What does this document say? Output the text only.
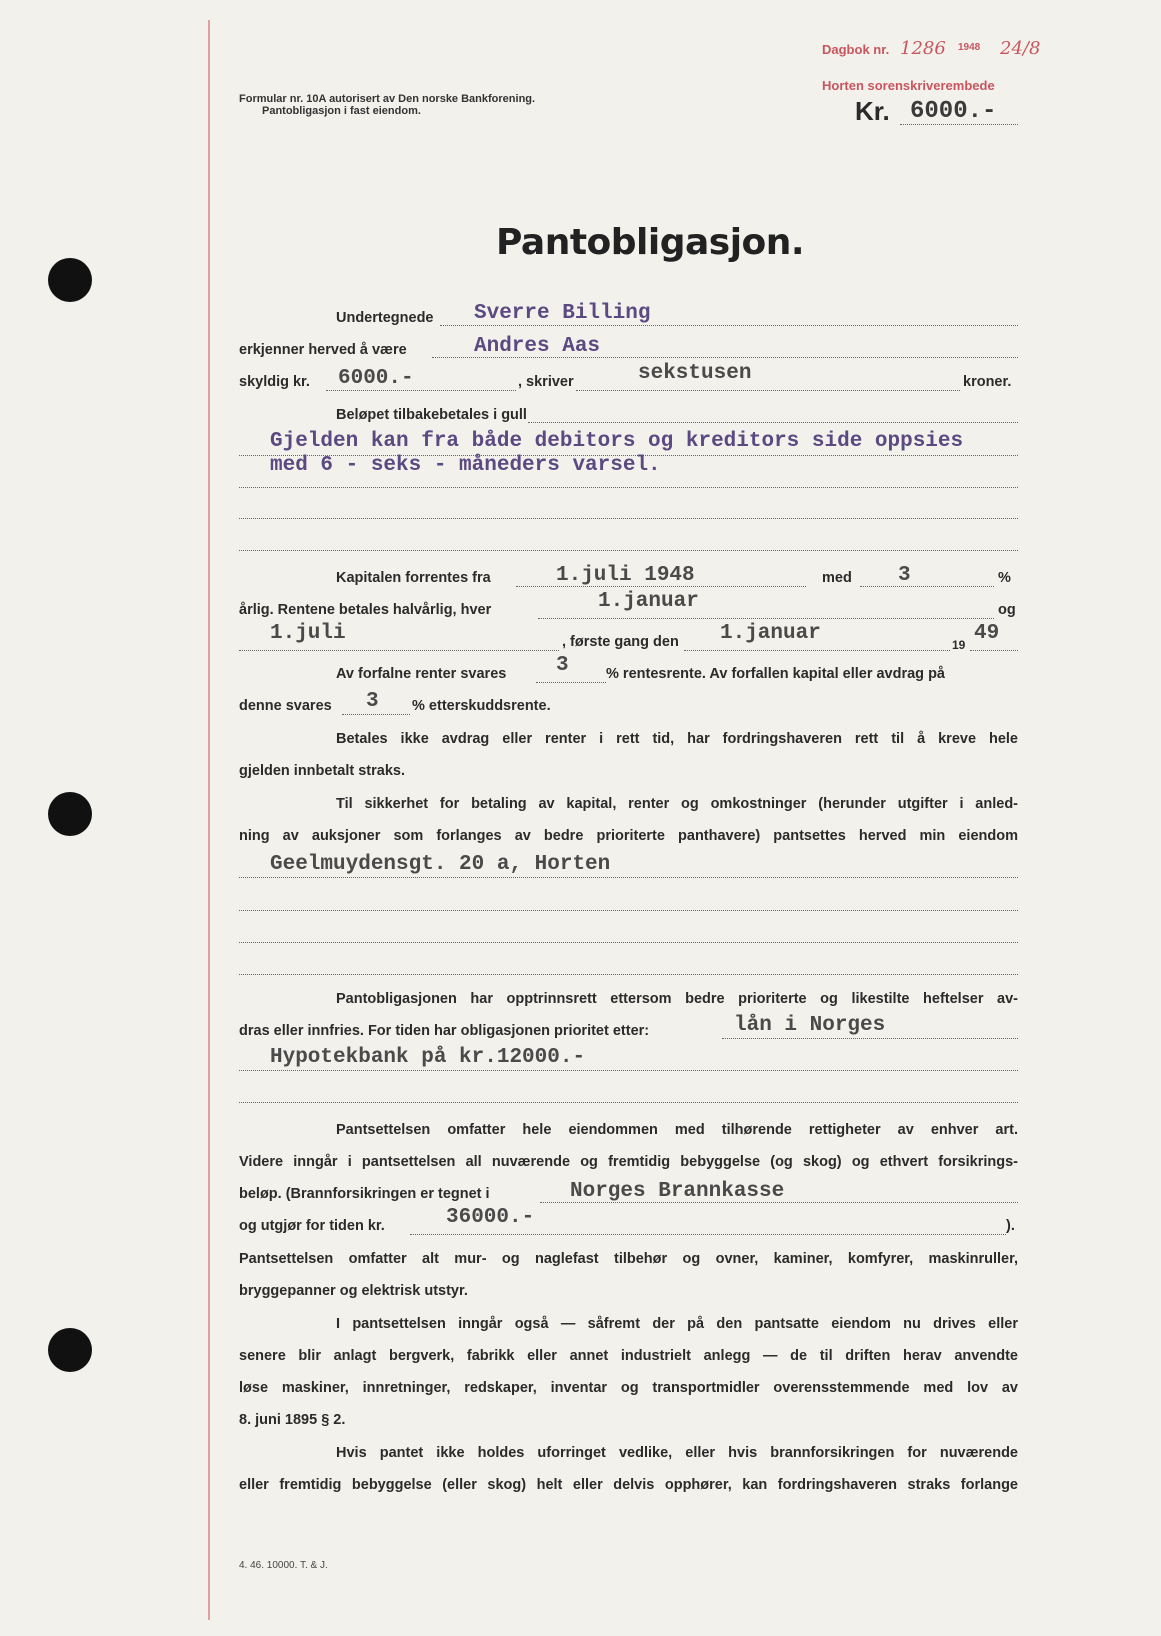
Formular nr. 10A autorisert av Den norske Bankforening.
Pantobligasjon i fast eiendom.
Dagbok nr. 1286 1948 24/8
Horten sorenskriverembede
Kr. 6000.-
Pantobligasjon.
Undertegnede Sverre Billing
erkjenner herved å være	Andres Aas
skyldig kr. 6000.-	, skriver	sekstusen	kroner.
Beløpet tilbakebetales i gull
Gjelden kan fra både debitors og kreditors side oppsies
med 6 - seks - måneders varsel.
Kapitalen forrentes fra	1.juli 1948	med 3	%
årlig. Rentene betales halvårlig, hver	1.januar	og
1.juli	, første gang den 1.januar	19 49
Av forfalne renter svares 3	% rentesrente. Av forfallen kapital eller avdrag på
denne svares 3 % etterskuddsrente.
Betales ikke avdrag eller renter i rett tid, har fordringshaveren rett til å kreve hele
gjelden innbetalt straks.
Til sikkerhet for betaling av kapital, renter og omkostninger (herunder utgifter i anled-
ning av auksjoner som forlanges av bedre prioriterte panthavere) pantsettes herved min eiendom
Geelmuydensgt. 20 a, Horten
Pantobligasjonen har opptrinnsrett ettersom bedre prioriterte og likestilte heftelser av-
dras eller innfries. For tiden har obligasjonen prioritet etter:	lån i Norges
Hypotekbank på kr.12000.-
Pantsettelsen omfatter hele eiendommen med tilhørende rettigheter av enhver art.
Videre inngår i pantsettelsen all nuværende og fremtidig bebyggelse (og skog) og ethvert forsikrings-
beløp. (Brannforsikringen er tegnet i	Norges Brannkasse
og utgjør for tiden kr.	36000.-	).
Pantsettelsen omfatter alt mur- og naglefast tilbehør og ovner, kaminer, komfyrer, maskinruller,
bryggepanner og elektrisk utstyr.
I pantsettelsen inngår også — såfremt der på den pantsatte eiendom nu drives eller
senere blir anlagt bergverk, fabrikk eller annet industrielt anlegg — de til driften herav anvendte
løse maskiner, innretninger, redskaper, inventar og transportmidler overensstemmende med lov av
8. juni 1895 § 2.
Hvis pantet ikke holdes uforringet vedlike, eller hvis brannforsikringen for nuværende
eller fremtidig bebyggelse (eller skog) helt eller delvis opphører, kan fordringshaveren straks forlange
4. 46. 10000. T. & J.
